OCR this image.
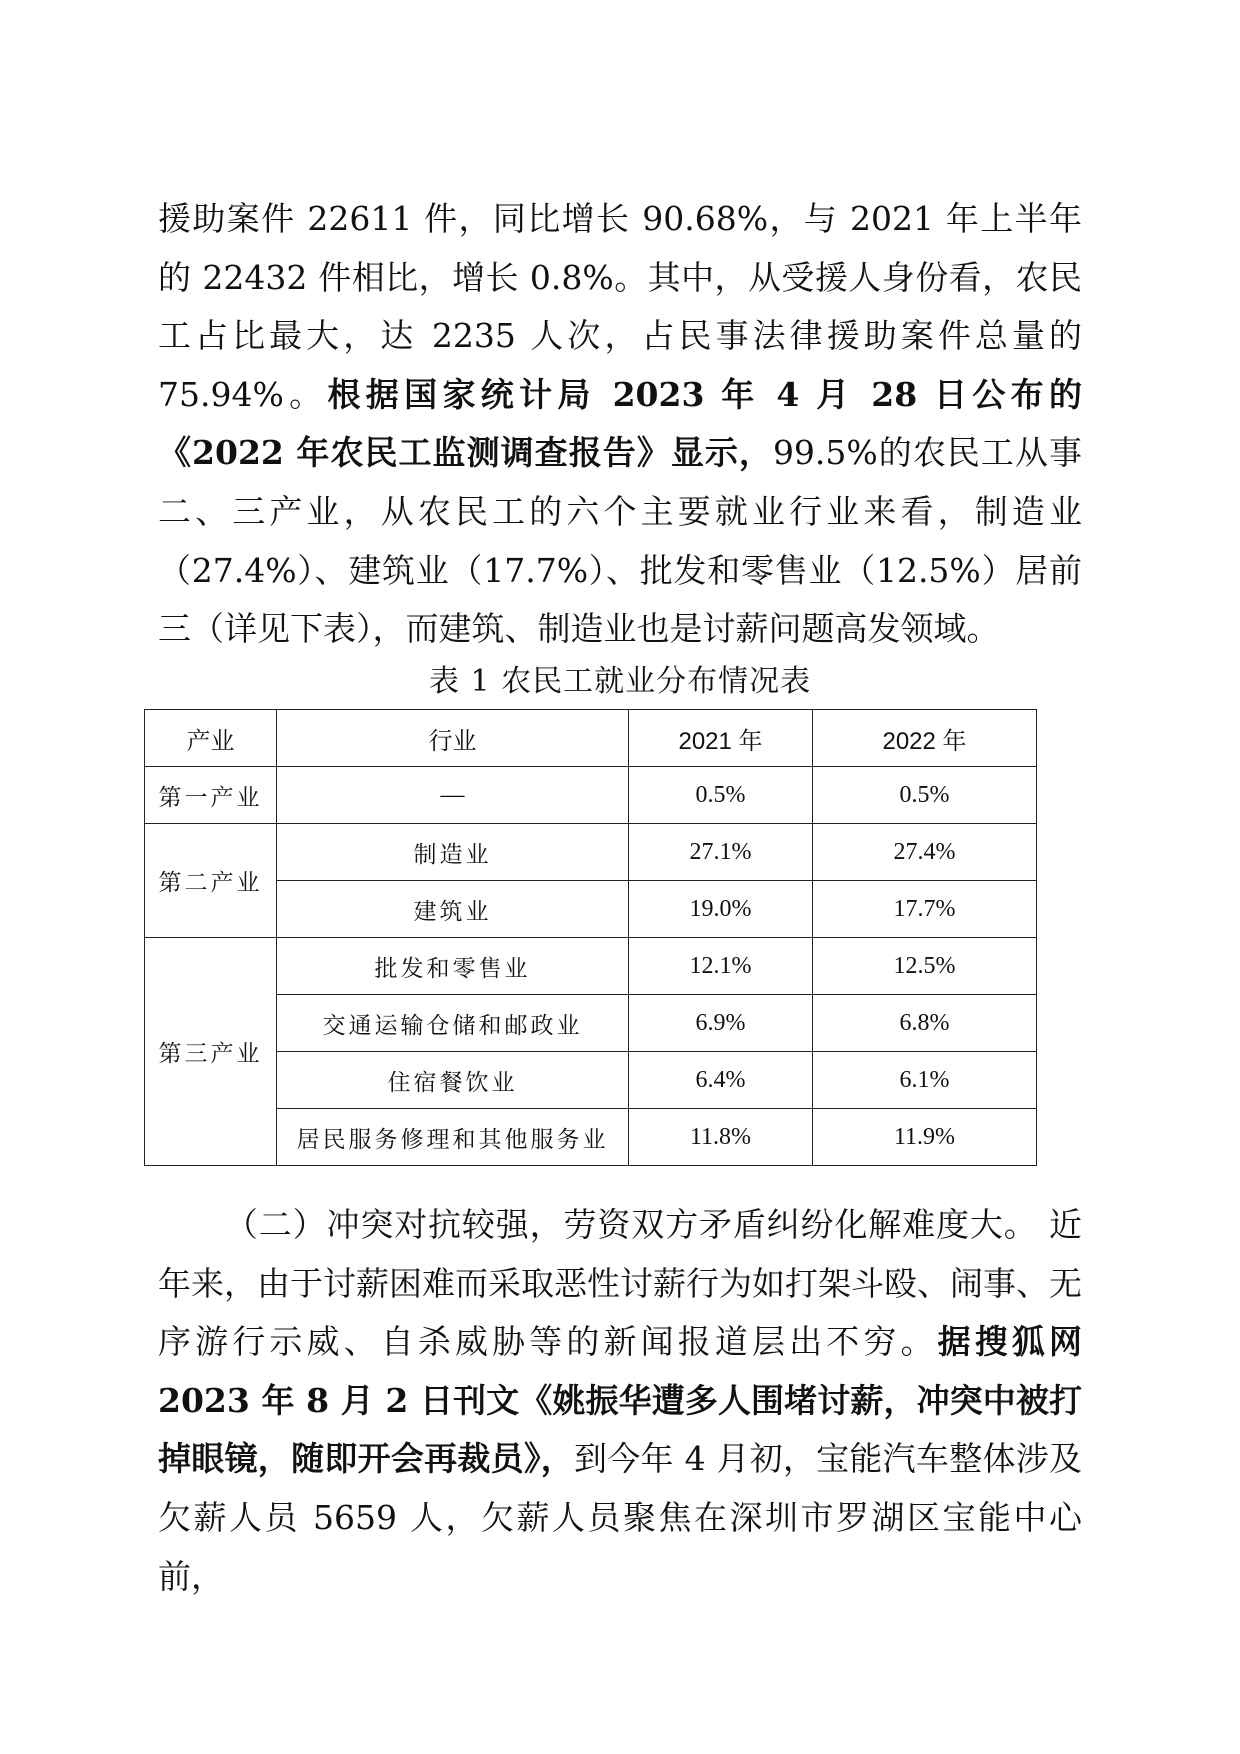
援助案件 22611 件，同比增长 90.68%，与 2021 年上半年的 22432 件相比，增长 0.8%。其中，从受援人身份看，农民工占比最大，达 2235 人次，占民事法律援助案件总量的 75.94%。根据国家统计局 2023 年 4 月 28 日公布的《2022 年农民工监测调查报告》显示，99.5%的农民工从事二、三产业，从农民工的六个主要就业行业来看，制造业（27.4%）、建筑业（17.7%）、批发和零售业（12.5%）居前三（详见下表），而建筑、制造业也是讨薪问题高发领域。

表 1 农民工就业分布情况表

产业	行业	2021 年	2022 年
第一产业	—	0.5%	0.5%
第二产业	制造业	27.1%	27.4%
	建筑业	19.0%	17.7%
第三产业	批发和零售业	12.1%	12.5%
	交通运输仓储和邮政业	6.9%	6.8%
	住宿餐饮业	6.4%	6.1%
	居民服务修理和其他服务业	11.8%	11.9%

（二）冲突对抗较强，劳资双方矛盾纠纷化解难度大。 近年来，由于讨薪困难而采取恶性讨薪行为如打架斗殴、闹事、无序游行示威、自杀威胁等的新闻报道层出不穷。据搜狐网 2023 年 8 月 2 日刊文《姚振华遭多人围堵讨薪，冲突中被打掉眼镜，随即开会再裁员》，到今年 4 月初，宝能汽车整体涉及欠薪人员 5659 人，欠薪人员聚焦在深圳市罗湖区宝能中心前，
